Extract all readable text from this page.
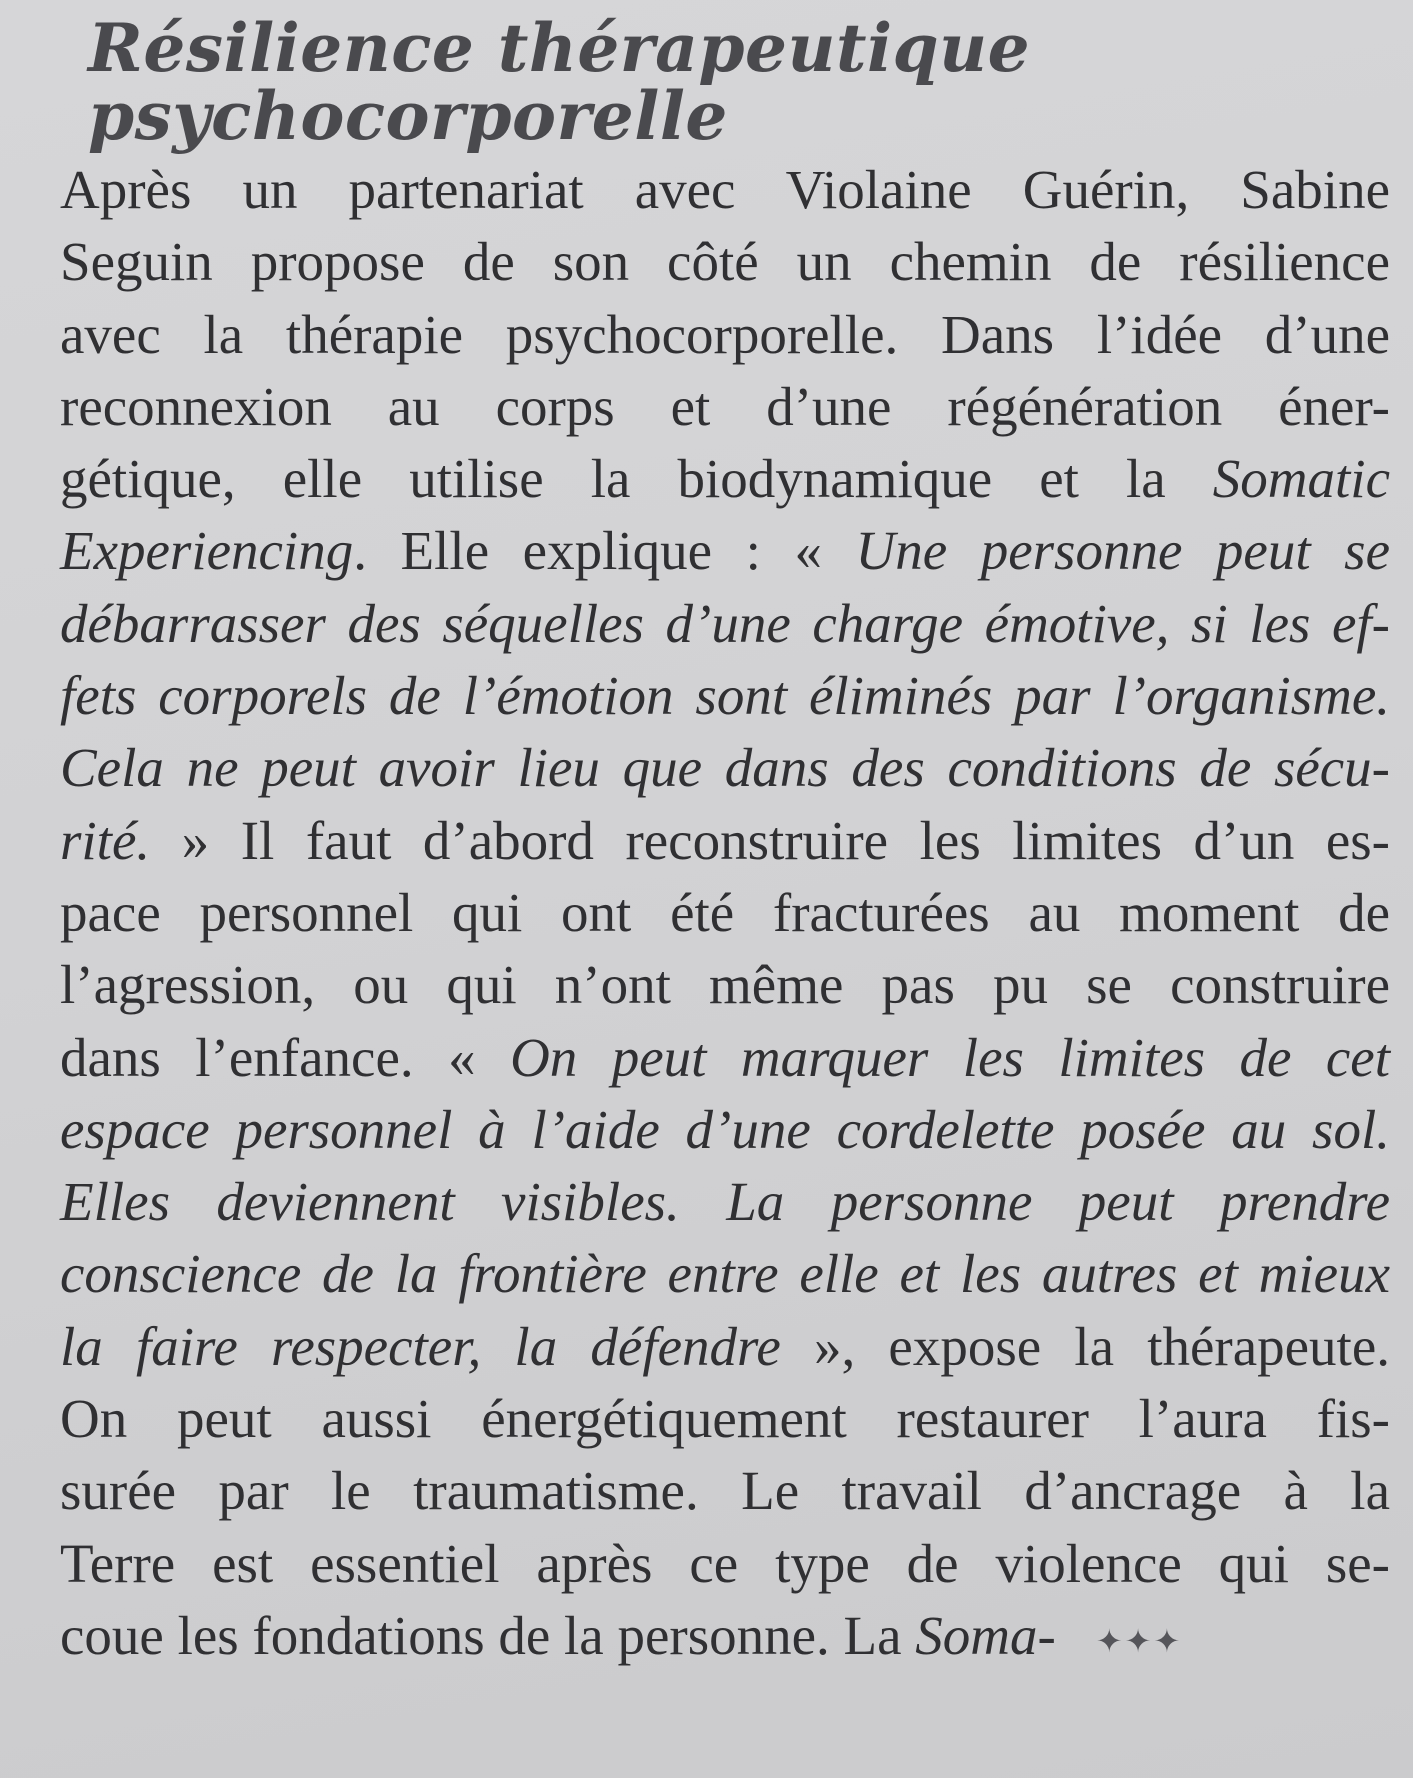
Résilience thérapeutique
psychocorporelle
Après un partenariat avec Violaine Guérin, Sabine
Seguin propose de son côté un chemin de résilience
avec la thérapie psychocorporelle. Dans l’idée d’une
reconnexion au corps et d’une régénération éner-
gétique, elle utilise la biodynamique et la Somatic
Experiencing. Elle explique : « Une personne peut se
débarrasser des séquelles d’une charge émotive, si les ef-
fets corporels de l’émotion sont éliminés par l’organisme.
Cela ne peut avoir lieu que dans des conditions de sécu-
rité. » Il faut d’abord reconstruire les limites d’un es-
pace personnel qui ont été fracturées au moment de
l’agression, ou qui n’ont même pas pu se construire
dans l’enfance. « On peut marquer les limites de cet
espace personnel à l’aide d’une cordelette posée au sol.
Elles deviennent visibles. La personne peut prendre
conscience de la frontière entre elle et les autres et mieux
la faire respecter, la défendre », expose la thérapeute.
On peut aussi énergétiquement restaurer l’aura fis-
surée par le traumatisme. Le travail d’ancrage à la
Terre est essentiel après ce type de violence qui se-
coue les fondations de la personne. La Soma- ✦✦✦
